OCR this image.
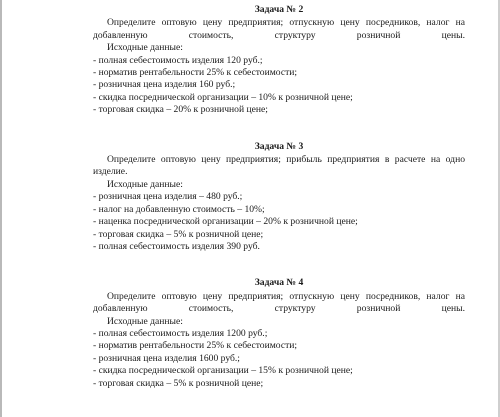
Задача № 2

Определите оптовую цену предприятия; отпускную цену посредников, налог на добавленную стоимость, структуру розничной цены.

Исходные данные:

- полная себестоимость изделия 120 руб.;
- норматив рентабельности 25% к себестоимости;
- розничная цена изделия 160 руб.;
- скидка посреднической организации – 10% к розничной цене;
- торговая скидка – 20% к розничной цене;
Задача № 3

Определите оптовую цену предприятия; прибыль предприятия в расчете на одно изделие.

Исходные данные:

- розничная цена изделия – 480 руб.;
- налог на добавленную стоимость – 10%;
- наценка посреднической организации – 20% к розничной цене;
- торговая скидка – 5% к розничной цене;
- полная себестоимость изделия 390 руб.
Задача № 4

Определите оптовую цену предприятия; отпускную цену посредников, налог на добавленную стоимость, структуру розничной цены.

Исходные данные:

- полная себестоимость изделия 1200 руб.;
- норматив рентабельности 25% к себестоимости;
- розничная цена изделия 1600 руб.;
- скидка посреднической организации – 15% к розничной цене;
- торговая скидка – 5% к розничной цене;
